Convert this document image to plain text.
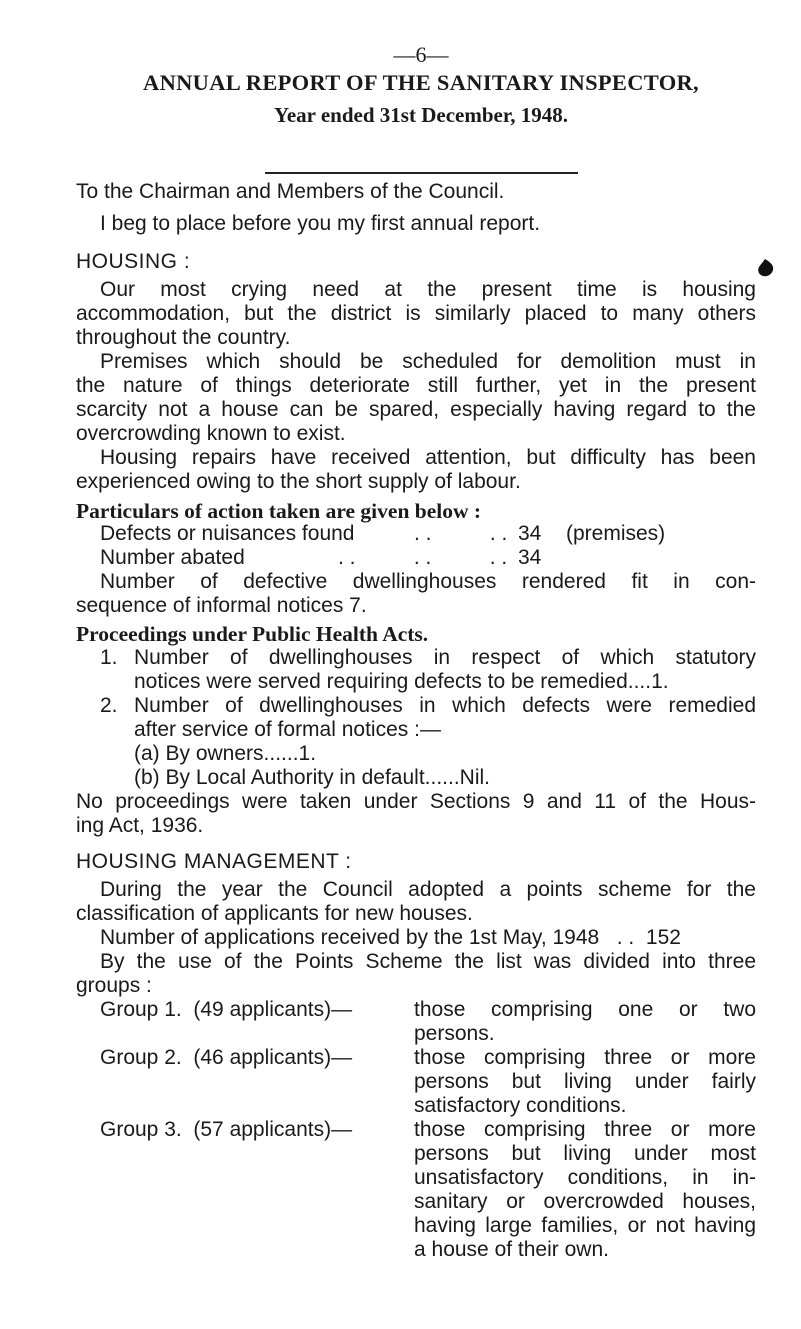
—6—
ANNUAL REPORT OF THE SANITARY INSPECTOR,
Year ended 31st December, 1948.
To the Chairman and Members of the Council.
I beg to place before you my first annual report.
HOUSING :
Our most crying need at the present time is housing
accommodation, but the district is similarly placed to many others
throughout the country.
Premises which should be scheduled for demolition must in
the nature of things deteriorate still further, yet in the present
scarcity not a house can be spared, especially having regard to the
overcrowding known to exist.
Housing repairs have received attention, but difficulty has been
experienced owing to the short supply of labour.
Particulars of action taken are given below :
Defects or nuisances found	. .          . . 34 (premises)
Number abated	. .          . .          . . 34
Number of defective dwellinghouses rendered fit in con-
sequence of informal notices 7.
Proceedings under Public Health Acts.
1. Number of dwellinghouses in respect of which statutory
notices were served requiring defects to be remedied....1.
2. Number of dwellinghouses in which defects were remedied
after service of formal notices :—
(a) By owners......1.
(b) By Local Authority in default......Nil.
No proceedings were taken under Sections 9 and 11 of the Hous-
ing Act, 1936.
HOUSING MANAGEMENT :
During the year the Council adopted a points scheme for the
classification of applicants for new houses.
Number of applications received by the 1st May, 1948   . .  152
By the use of the Points Scheme the list was divided into three
groups :
Group 1.  (49 applicants)—	those comprising one or two
persons.
Group 2.  (46 applicants)—	those comprising three or more
persons but living under fairly
satisfactory conditions.
Group 3.  (57 applicants)—	those comprising three or more
persons but living under most
unsatisfactory conditions, in in-
sanitary or overcrowded houses,
having large families, or not having
a house of their own.
